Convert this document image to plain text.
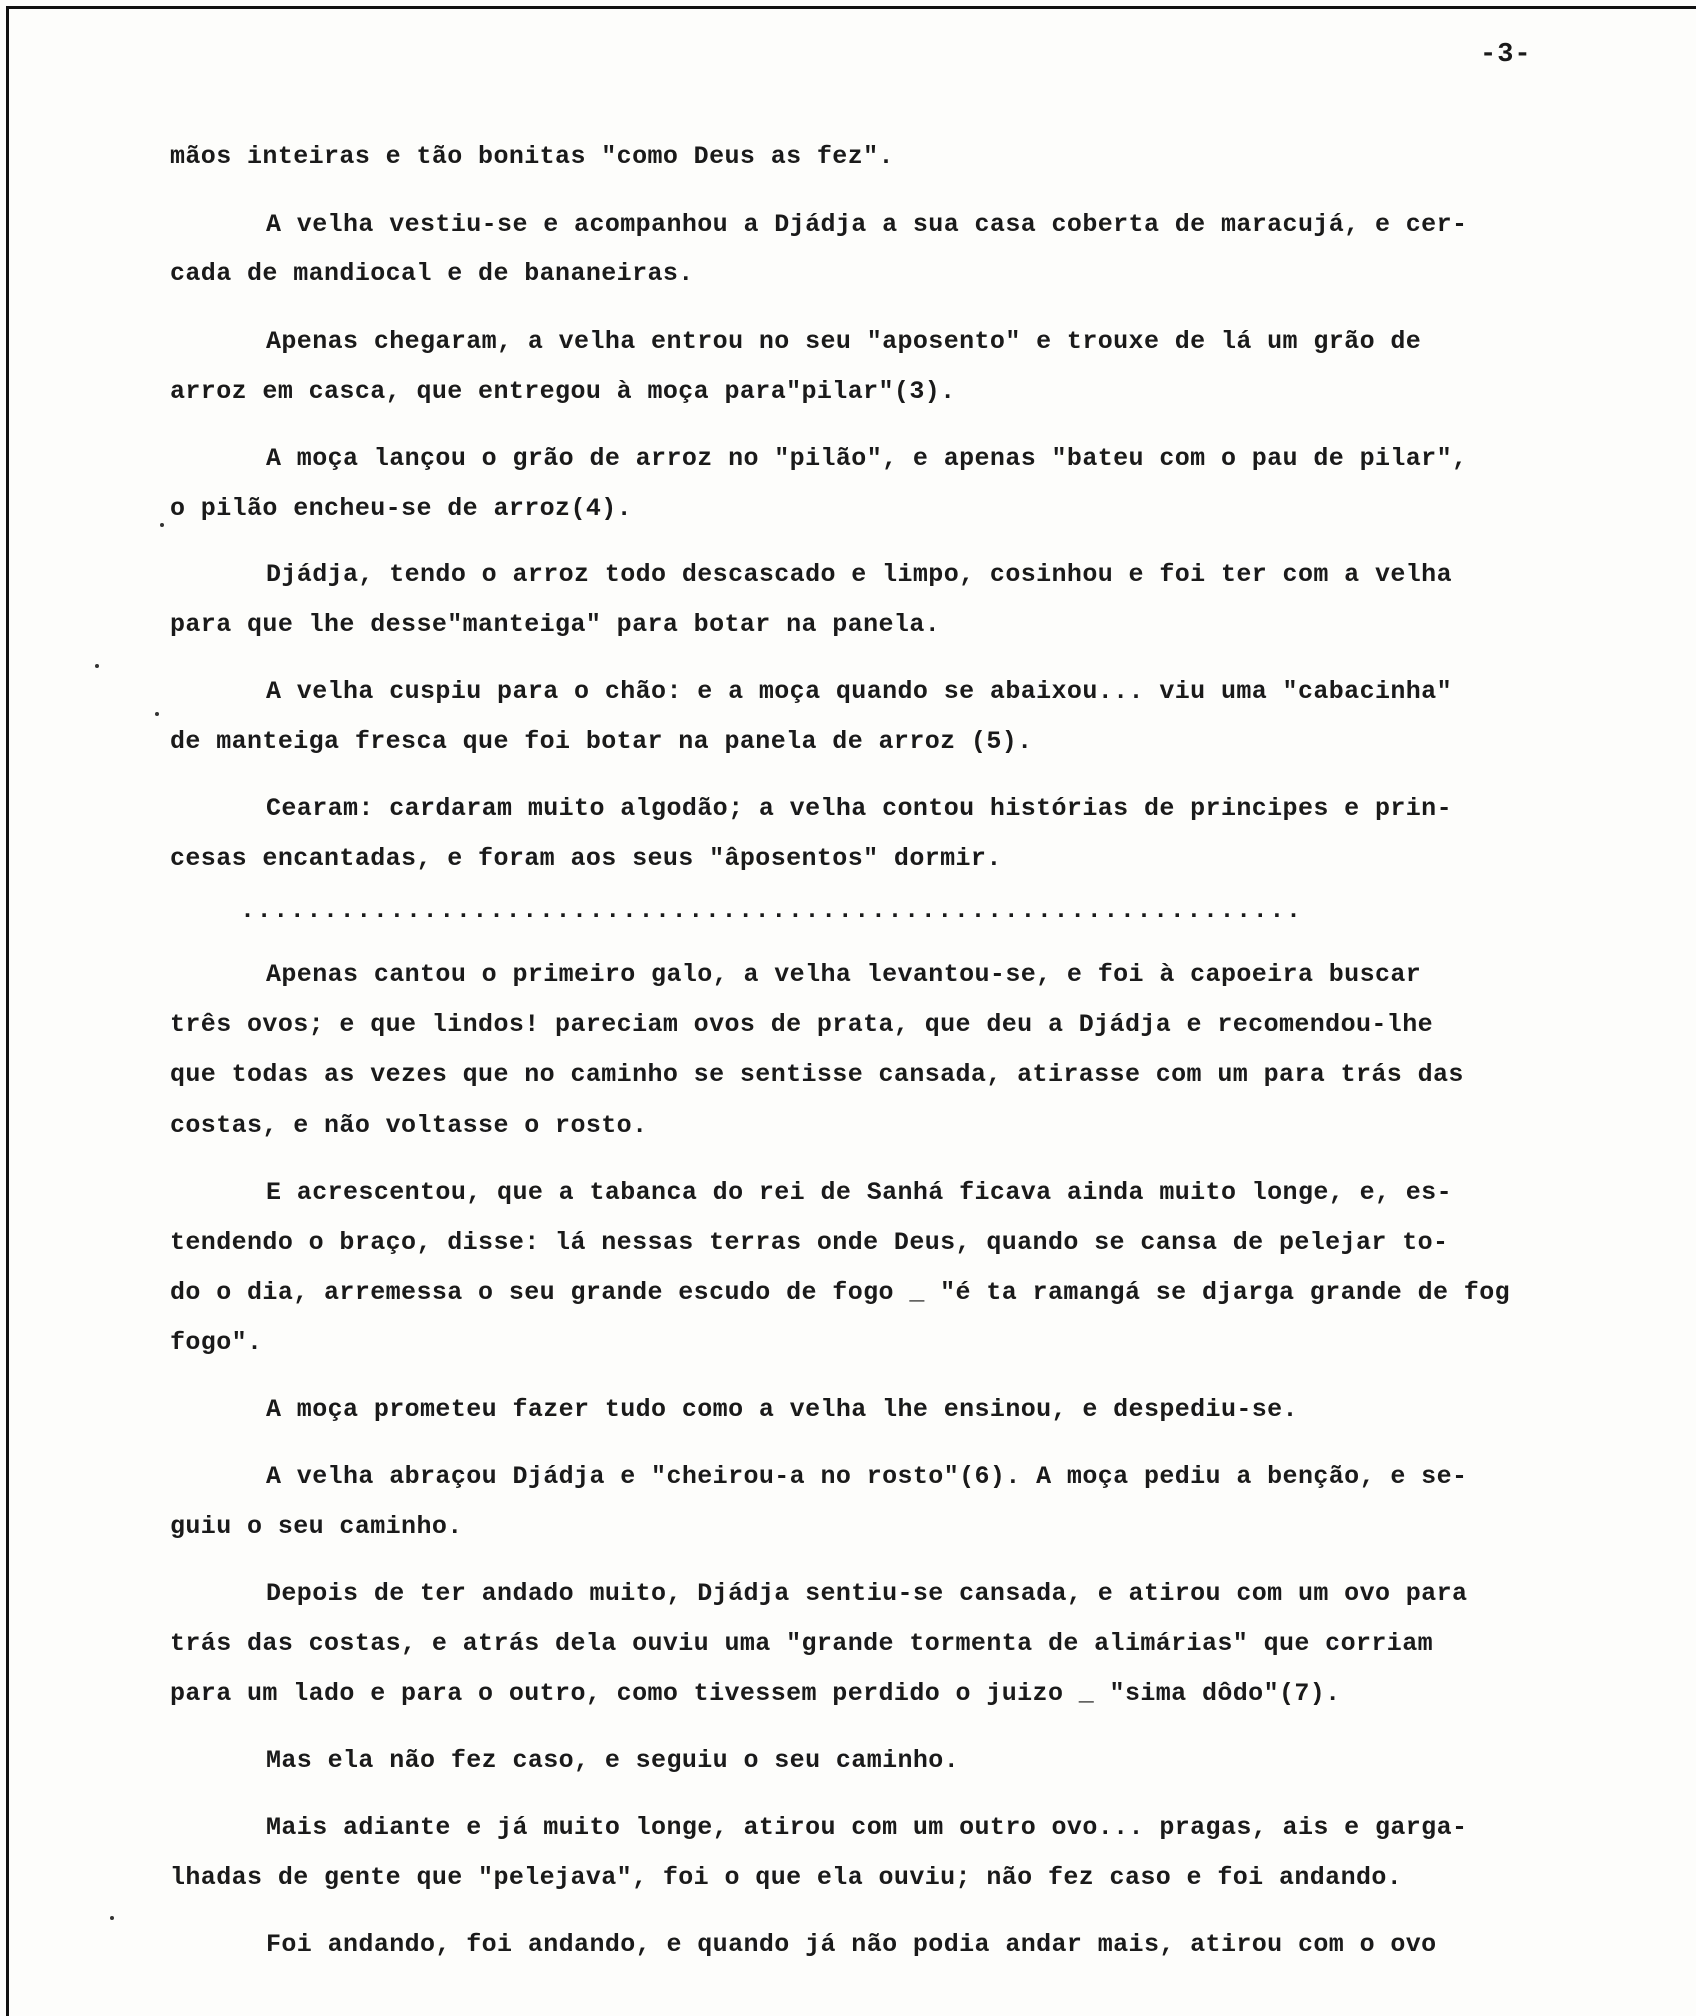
-3-
mãos inteiras e tão bonitas "como Deus as fez".
A velha vestiu-se e acompanhou a Djádja a sua casa coberta de maracujá, e cer-
cada de mandiocal e de bananeiras.
Apenas chegaram, a velha entrou no seu "aposento" e trouxe de lá um grão de
arroz em casca, que entregou à moça para"pilar"(3).
A moça lançou o grão de arroz no "pilão", e apenas "bateu com o pau de pilar",
o pilão encheu-se de arroz(4).
Djádja, tendo o arroz todo descascado e limpo, cosinhou e foi ter com a velha
para que lhe desse"manteiga" para botar na panela.
A velha cuspiu para o chão: e a moça quando se abaixou... viu uma "cabacinha"
de manteiga fresca que foi botar na panela de arroz (5).
Cearam: cardaram muito algodão; a velha contou histórias de principes e prin-
cesas encantadas, e foram aos seus "âposentos" dormir.
................................................................
Apenas cantou o primeiro galo, a velha levantou-se, e foi à capoeira buscar
três ovos; e que lindos! pareciam ovos de prata, que deu a Djádja e recomendou-lhe
que todas as vezes que no caminho se sentisse cansada, atirasse com um para trás das
costas, e não voltasse o rosto.
E acrescentou, que a tabanca do rei de Sanhá ficava ainda muito longe, e, es-
tendendo o braço, disse: lá nessas terras onde Deus, quando se cansa de pelejar to-
do o dia, arremessa o seu grande escudo de fogo _ "é ta ramangá se djarga grande de fog
fogo".
A moça prometeu fazer tudo como a velha lhe ensinou, e despediu-se.
A velha abraçou Djádja e "cheirou-a no rosto"(6). A moça pediu a benção, e se-
guiu o seu caminho.
Depois de ter andado muito, Djádja sentiu-se cansada, e atirou com um ovo para
trás das costas, e atrás dela ouviu uma "grande tormenta de alimárias" que corriam
para um lado e para o outro, como tivessem perdido o juizo _ "sima dôdo"(7).
Mas ela não fez caso, e seguiu o seu caminho.
Mais adiante e já muito longe, atirou com um outro ovo... pragas, ais e garga-
lhadas de gente que "pelejava", foi o que ela ouviu; não fez caso e foi andando.
Foi andando, foi andando, e quando já não podia andar mais, atirou com o ovo
